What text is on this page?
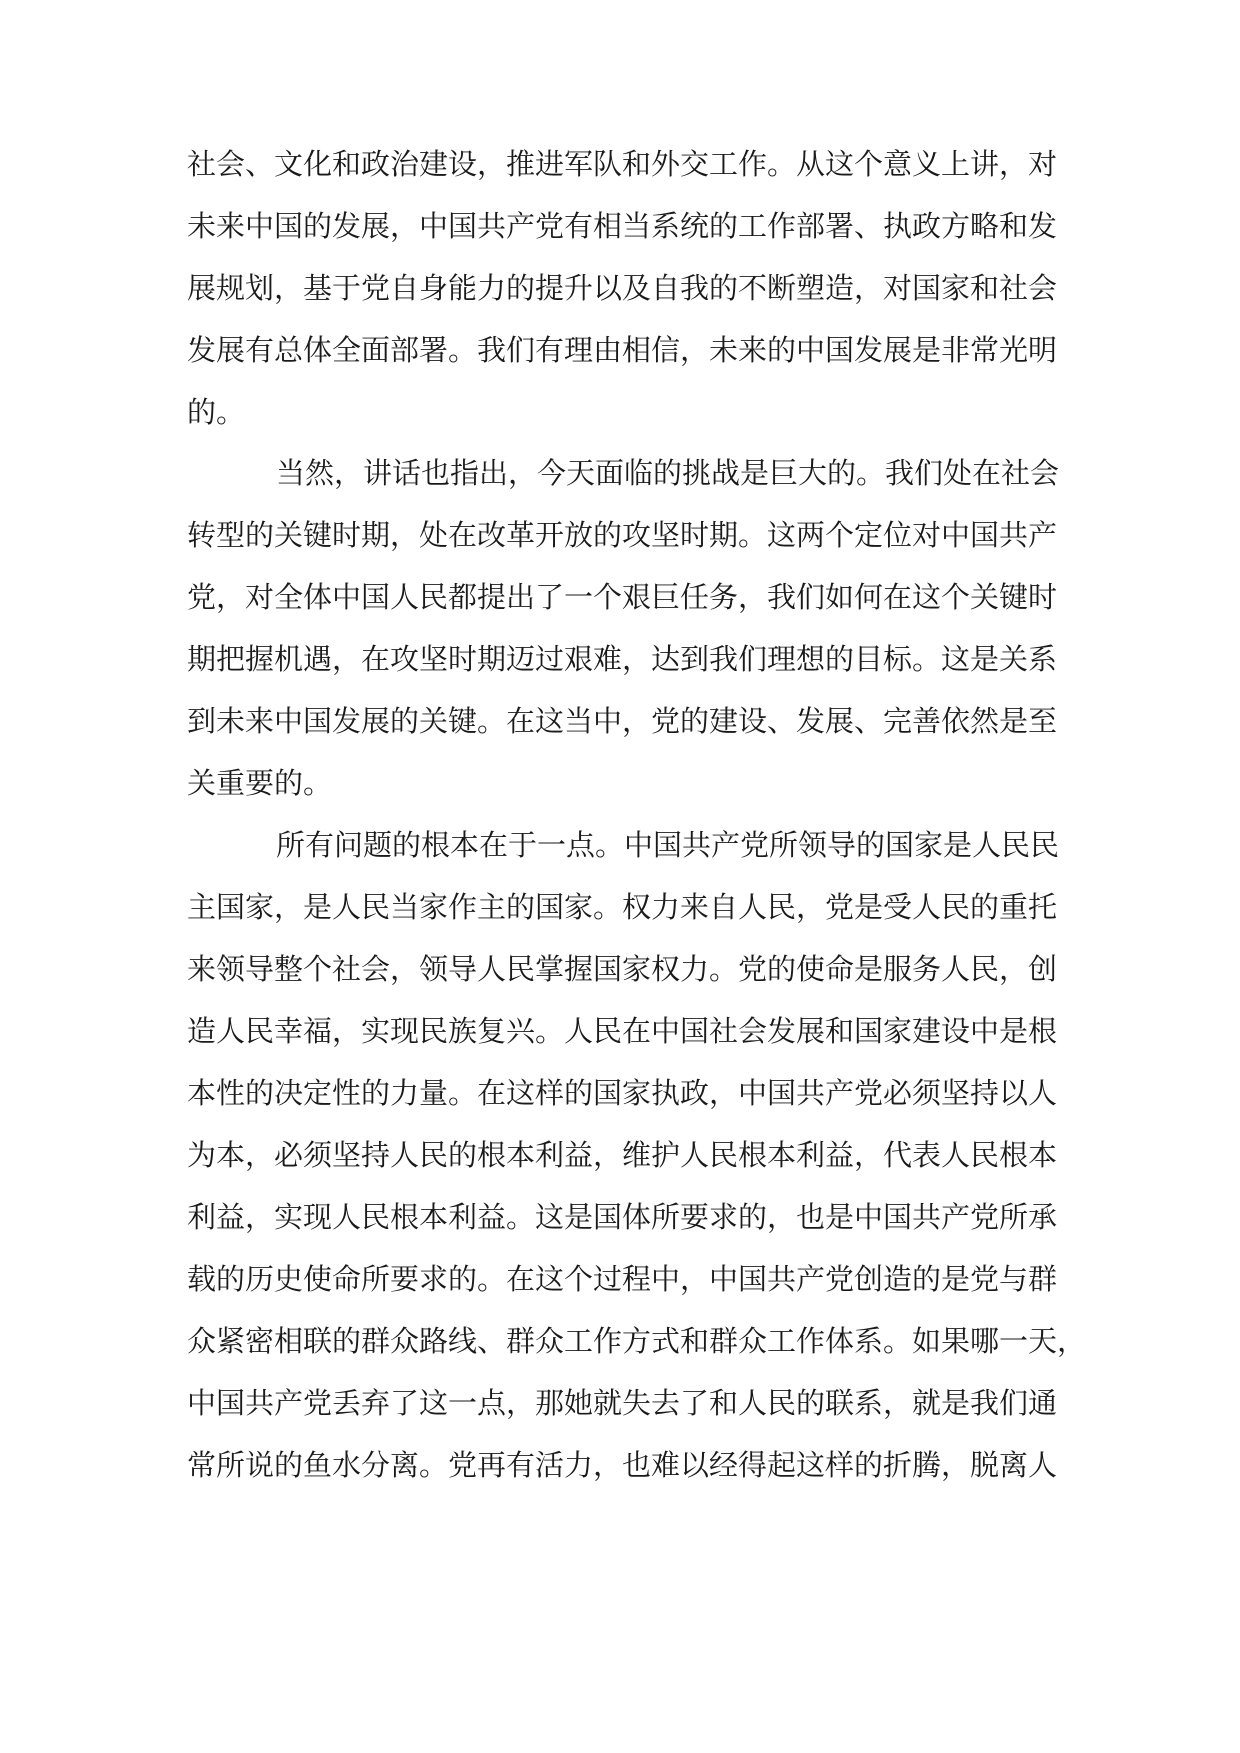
社会、文化和政治建设，推进军队和外交工作。从这个意义上讲，对

未来中国的发展，中国共产党有相当系统的工作部署、执政方略和发

展规划，基于党自身能力的提升以及自我的不断塑造，对国家和社会

发展有总体全面部署。我们有理由相信，未来的中国发展是非常光明

的。

当然，讲话也指出，今天面临的挑战是巨大的。我们处在社会

转型的关键时期，处在改革开放的攻坚时期。这两个定位对中国共产

党，对全体中国人民都提出了一个艰巨任务，我们如何在这个关键时

期把握机遇，在攻坚时期迈过艰难，达到我们理想的目标。这是关系

到未来中国发展的关键。在这当中，党的建设、发展、完善依然是至

关重要的。

所有问题的根本在于一点。中国共产党所领导的国家是人民民

主国家，是人民当家作主的国家。权力来自人民，党是受人民的重托

来领导整个社会，领导人民掌握国家权力。党的使命是服务人民，创

造人民幸福，实现民族复兴。人民在中国社会发展和国家建设中是根

本性的决定性的力量。在这样的国家执政，中国共产党必须坚持以人

为本，必须坚持人民的根本利益，维护人民根本利益，代表人民根本

利益，实现人民根本利益。这是国体所要求的，也是中国共产党所承

载的历史使命所要求的。在这个过程中，中国共产党创造的是党与群

众紧密相联的群众路线、群众工作方式和群众工作体系。如果哪一天，

中国共产党丢弃了这一点，那她就失去了和人民的联系，就是我们通

常所说的鱼水分离。党再有活力，也难以经得起这样的折腾，脱离人
